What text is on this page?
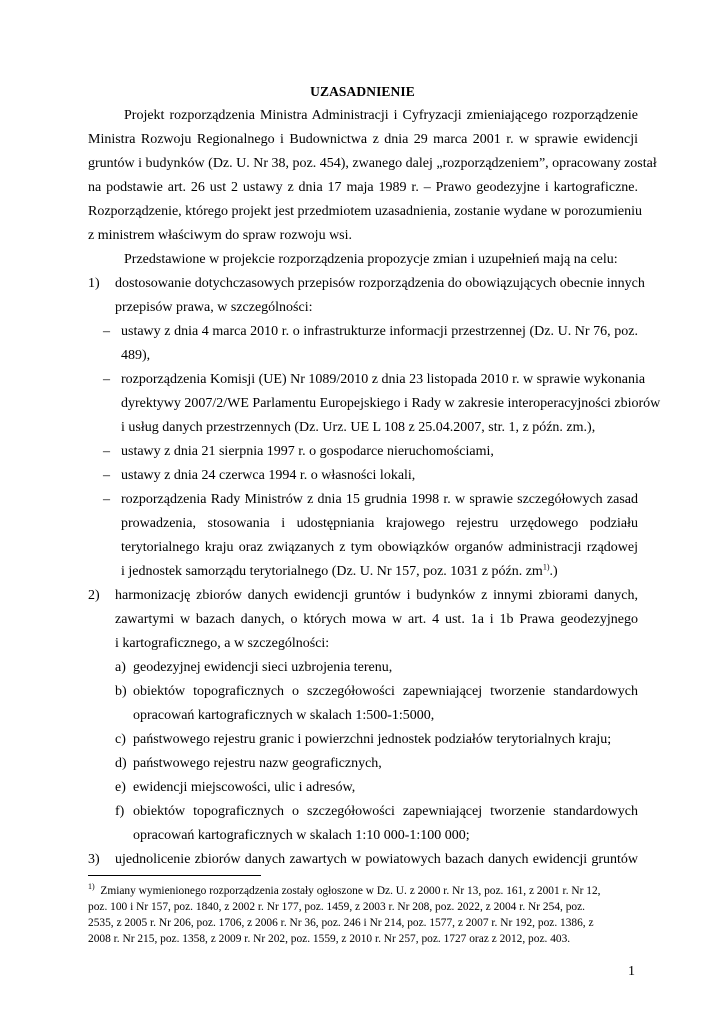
UZASADNIENIE
Projekt rozporządzenia Ministra Administracji i Cyfryzacji zmieniającego rozporządzenie
Ministra Rozwoju Regionalnego i Budownictwa z dnia 29 marca 2001 r. w sprawie ewidencji
gruntów i budynków (Dz. U. Nr 38, poz. 454), zwanego dalej „rozporządzeniem”, opracowany został
na podstawie art. 26 ust 2 ustawy z dnia 17 maja 1989 r. – Prawo geodezyjne i kartograficzne.
Rozporządzenie, którego projekt jest przedmiotem uzasadnienia, zostanie wydane w porozumieniu
z ministrem właściwym do spraw rozwoju wsi.
Przedstawione w projekcie rozporządzenia propozycje zmian i uzupełnień mają na celu:
1) dostosowanie dotychczasowych przepisów rozporządzenia do obowiązujących obecnie innych
przepisów prawa, w szczególności:
– ustawy z dnia 4 marca 2010 r. o infrastrukturze informacji przestrzennej (Dz. U. Nr 76, poz.
489),
– rozporządzenia Komisji (UE) Nr 1089/2010 z dnia 23 listopada 2010 r. w sprawie wykonania
dyrektywy 2007/2/WE Parlamentu Europejskiego i Rady w zakresie interoperacyjności zbiorów
i usług danych przestrzennych (Dz. Urz. UE L 108 z 25.04.2007, str. 1, z późn. zm.),
– ustawy z dnia 21 sierpnia 1997 r. o gospodarce nieruchomościami,
– ustawy z dnia 24 czerwca 1994 r. o własności lokali,
– rozporządzenia Rady Ministrów z dnia 15 grudnia 1998 r. w sprawie szczegółowych zasad
prowadzenia, stosowania i udostępniania krajowego rejestru urzędowego podziału
terytorialnego kraju oraz związanych z tym obowiązków organów administracji rządowej
i jednostek samorządu terytorialnego (Dz. U. Nr 157, poz. 1031 z późn. $zm^{1)}$.)
2) harmonizację zbiorów danych ewidencji gruntów i budynków z innymi zbiorami danych,
zawartymi w bazach danych, o których mowa w art. 4 ust. 1a i 1b Prawa geodezyjnego
i kartograficznego, a w szczególności:
a) geodezyjnej ewidencji sieci uzbrojenia terenu,
b) obiektów topograficznych o szczegółowości zapewniającej tworzenie standardowych
opracowań kartograficznych w skalach 1:500-1:5000,
c) państwowego rejestru granic i powierzchni jednostek podziałów terytorialnych kraju;
d) państwowego rejestru nazw geograficznych,
e) ewidencji miejscowości, ulic i adresów,
f) obiektów topograficznych o szczegółowości zapewniającej tworzenie standardowych
opracowań kartograficznych w skalach 1:10 000-1:100 000;
3) ujednolicenie zbiorów danych zawartych w powiatowych bazach danych ewidencji gruntów
$^{1)}$ Zmiany wymienionego rozporządzenia zostały ogłoszone w Dz. U. z 2000 r. Nr 13, poz. 161, z 2001 r. Nr 12,
poz. 100 i Nr 157, poz. 1840, z 2002 r. Nr 177, poz. 1459, z 2003 r. Nr 208, poz. 2022, z 2004 r. Nr 254, poz.
2535, z 2005 r. Nr 206, poz. 1706, z 2006 r. Nr 36, poz. 246 i Nr 214, poz. 1577, z 2007 r. Nr 192, poz. 1386, z
2008 r. Nr 215, poz. 1358, z 2009 r. Nr 202, poz. 1559, z 2010 r. Nr 257, poz. 1727 oraz z 2012, poz. 403.
1
